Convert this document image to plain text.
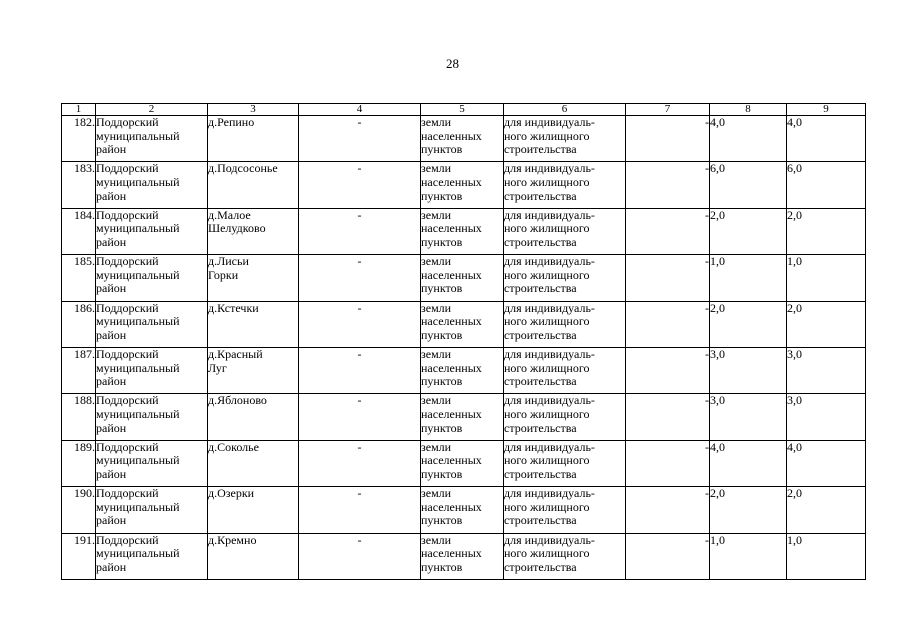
28
1	2	3	4	5	6	7	8	9
182.	Поддорский
муниципальный
район	д.Репино	-	земли
населенных
пунктов	для индивидуаль-
ного жилищного
строительства	-	4,0	4,0
183.	Поддорский
муниципальный
район	д.Подсосонье	-	земли
населенных
пунктов	для индивидуаль-
ного жилищного
строительства	-	6,0	6,0
184.	Поддорский
муниципальный
район	д.Малое
Шелудково	-	земли
населенных
пунктов	для индивидуаль-
ного жилищного
строительства	-	2,0	2,0
185.	Поддорский
муниципальный
район	д.Лисьи
Горки	-	земли
населенных
пунктов	для индивидуаль-
ного жилищного
строительства	-	1,0	1,0
186.	Поддорский
муниципальный
район	д.Кстечки	-	земли
населенных
пунктов	для индивидуаль-
ного жилищного
строительства	-	2,0	2,0
187.	Поддорский
муниципальный
район	д.Красный
Луг	-	земли
населенных
пунктов	для индивидуаль-
ного жилищного
строительства	-	3,0	3,0
188.	Поддорский
муниципальный
район	д.Яблоново	-	земли
населенных
пунктов	для индивидуаль-
ного жилищного
строительства	-	3,0	3,0
189.	Поддорский
муниципальный
район	д.Соколье	-	земли
населенных
пунктов	для индивидуаль-
ного жилищного
строительства	-	4,0	4,0
190.	Поддорский
муниципальный
район	д.Озерки	-	земли
населенных
пунктов	для индивидуаль-
ного жилищного
строительства	-	2,0	2,0
191.	Поддорский
муниципальный
район	д.Кремно	-	земли
населенных
пунктов	для индивидуаль-
ного жилищного
строительства	-	1,0	1,0
